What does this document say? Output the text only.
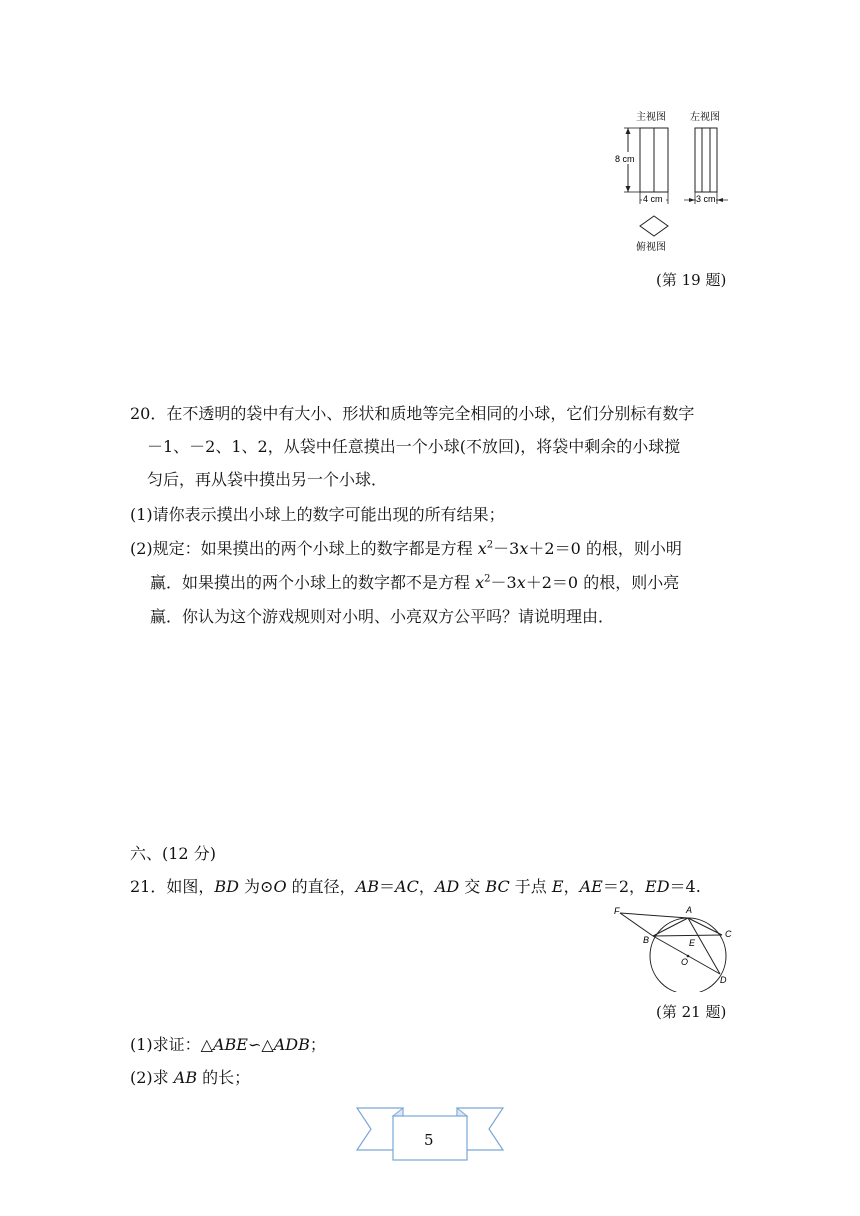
主视图 左视图
8 cm
4 cm	3 cm
俯视图
(第 19 题)
20．在不透明的袋中有大小、形状和质地等完全相同的小球，它们分别标有数字
－1、－2、1、2，从袋中任意摸出一个小球(不放回)，将袋中剩余的小球搅
匀后，再从袋中摸出另一个小球．
(1)请你表示摸出小球上的数字可能出现的所有结果；
(2)规定：如果摸出的两个小球上的数字都是方程 $x^2-3x+2=0$ 的根，则小明
赢．如果摸出的两个小球上的数字都不是方程 $x^2-3x+2=0$ 的根，则小亮
赢．你认为这个游戏规则对小明、小亮双方公平吗？请说明理由．
六、(12 分)
21．如图，BD 为⊙O 的直径，AB＝AC，AD 交 BC 于点 E，AE＝2，ED＝4.
F	A
C
B	E
O
D
(第 21 题)
(1)求证：△ABE∽△ADB；
(2)求 AB 的长；
5
